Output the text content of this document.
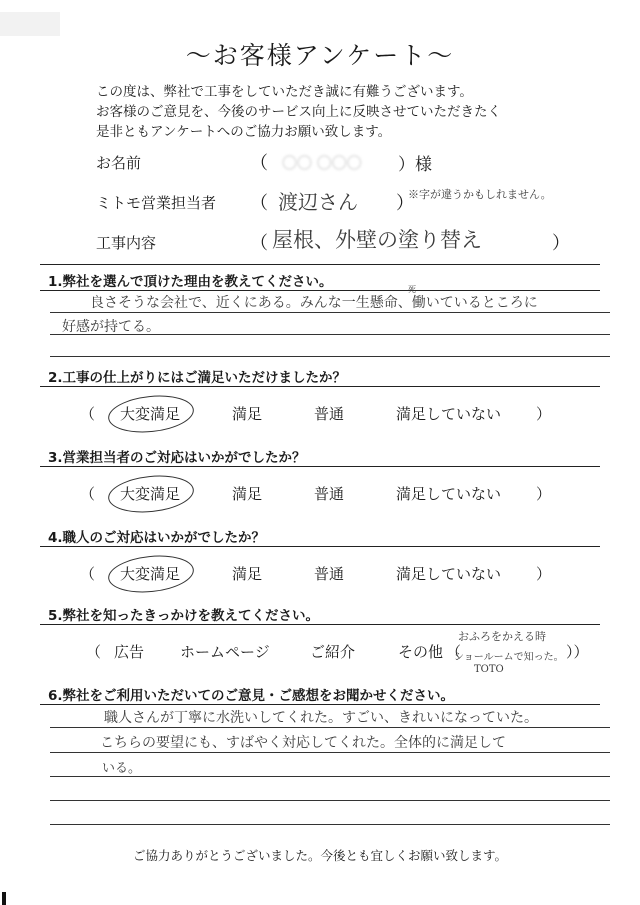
〜お客様アンケート〜
この度は、弊社で工事をしていただき誠に有難うございます。
お客様のご意見を、今後のサービス向上に反映させていただきたく
是非ともアンケートへのご協力お願い致します。
お名前	（ 〇〇 〇〇〇 ）様
ミトモ営業担当者 （ 渡辺さん ）
※字が違うかもしれません。
工事内容	（ 屋根、外壁の塗り替え	）
1.弊社を選んで頂けた理由を教えてください。
良さそうな会社で、近くにある。みんな一生懸命、働いているところに
死
好感が持てる。
2.工事の仕上がりにはご満足いただけましたか？
（ 大変満足	満足	普通	満足していない ）
3.営業担当者のご対応はいかがでしたか？
（ 大変満足	満足	普通	満足していない ）
4.職人のご対応はいかがでしたか？
（ 大変満足	満足	普通	満足していない ）
5.弊社を知ったきっかけを教えてください。
（ 広告 ホームページ	ご紹介	その他 （
おふろをかえる時
ショールームで知った。
TOTO
））
6.弊社をご利用いただいてのご意見・ご感想をお聞かせください。
職人さんが丁寧に水洗いしてくれた。すごい、きれいになっていた。
こちらの要望にも、すばやく対応してくれた。全体的に満足して
いる。
ご協力ありがとうございました。今後とも宜しくお願い致します。
